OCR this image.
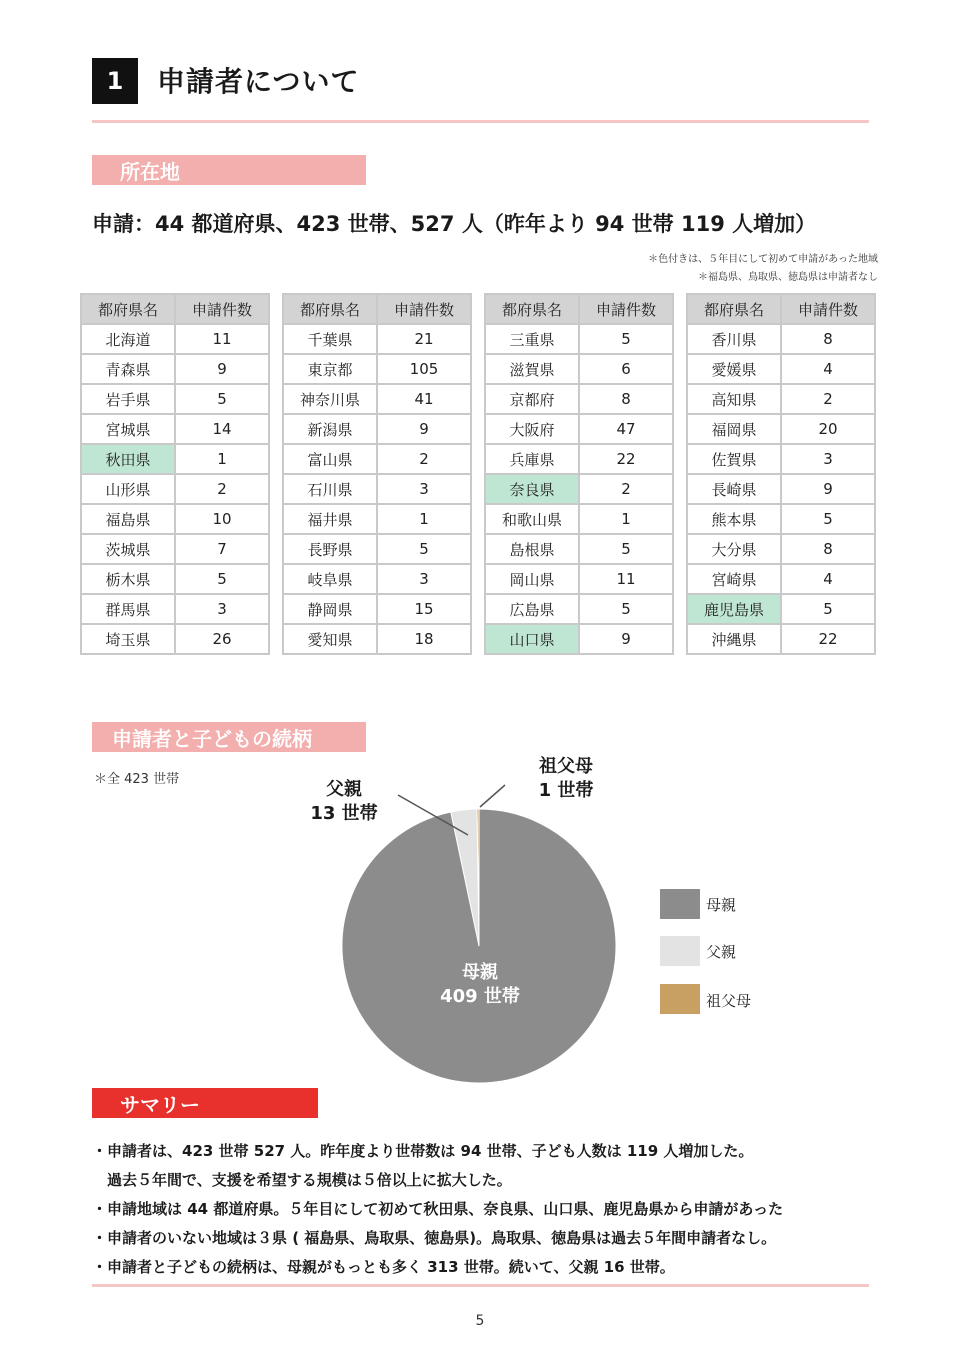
1	申請者について
所在地
申請：44 都道府県、423 世帯、527 人（昨年より 94 世帯 119 人増加）
＊色付きは、５年目にして初めて申請があった地域
＊福島県、鳥取県、徳島県は申請者なし
都府県名	申請件数
北海道	11
青森県	9
岩手県	5
宮城県	14
秋田県	1
山形県	2
福島県	10
茨城県	7
栃木県	5
群馬県	3
埼玉県	26
都府県名	申請件数
千葉県	21
東京都	105
神奈川県	41
新潟県	9
富山県	2
石川県	3
福井県	1
長野県	5
岐阜県	3
静岡県	15
愛知県	18
都府県名	申請件数
三重県	5
滋賀県	6
京都府	8
大阪府	47
兵庫県	22
奈良県	2
和歌山県	1
島根県	5
岡山県	11
広島県	5
山口県	9
都府県名	申請件数
香川県	8
愛媛県	4
高知県	2
福岡県	20
佐賀県	3
長崎県	9
熊本県	5
大分県	8
宮崎県	4
鹿児島県	5
沖縄県	22
申請者と子どもの続柄
＊全 423 世帯	父親
13 世帯
祖父母
1 世帯
母親
409 世帯
母親
父親
祖父母
サマリー
・申請者は、423 世帯 527 人。昨年度より世帯数は 94 世帯、子ども人数は 119 人増加した。
　過去５年間で、支援を希望する規模は５倍以上に拡大した。
・申請地域は 44 都道府県。５年目にして初めて秋田県、奈良県、山口県、鹿児島県から申請があった
・申請者のいない地域は３県 ( 福島県、鳥取県、徳島県)。鳥取県、徳島県は過去５年間申請者なし。
・申請者と子どもの続柄は、母親がもっとも多く 313 世帯。続いて、父親 16 世帯。
5
